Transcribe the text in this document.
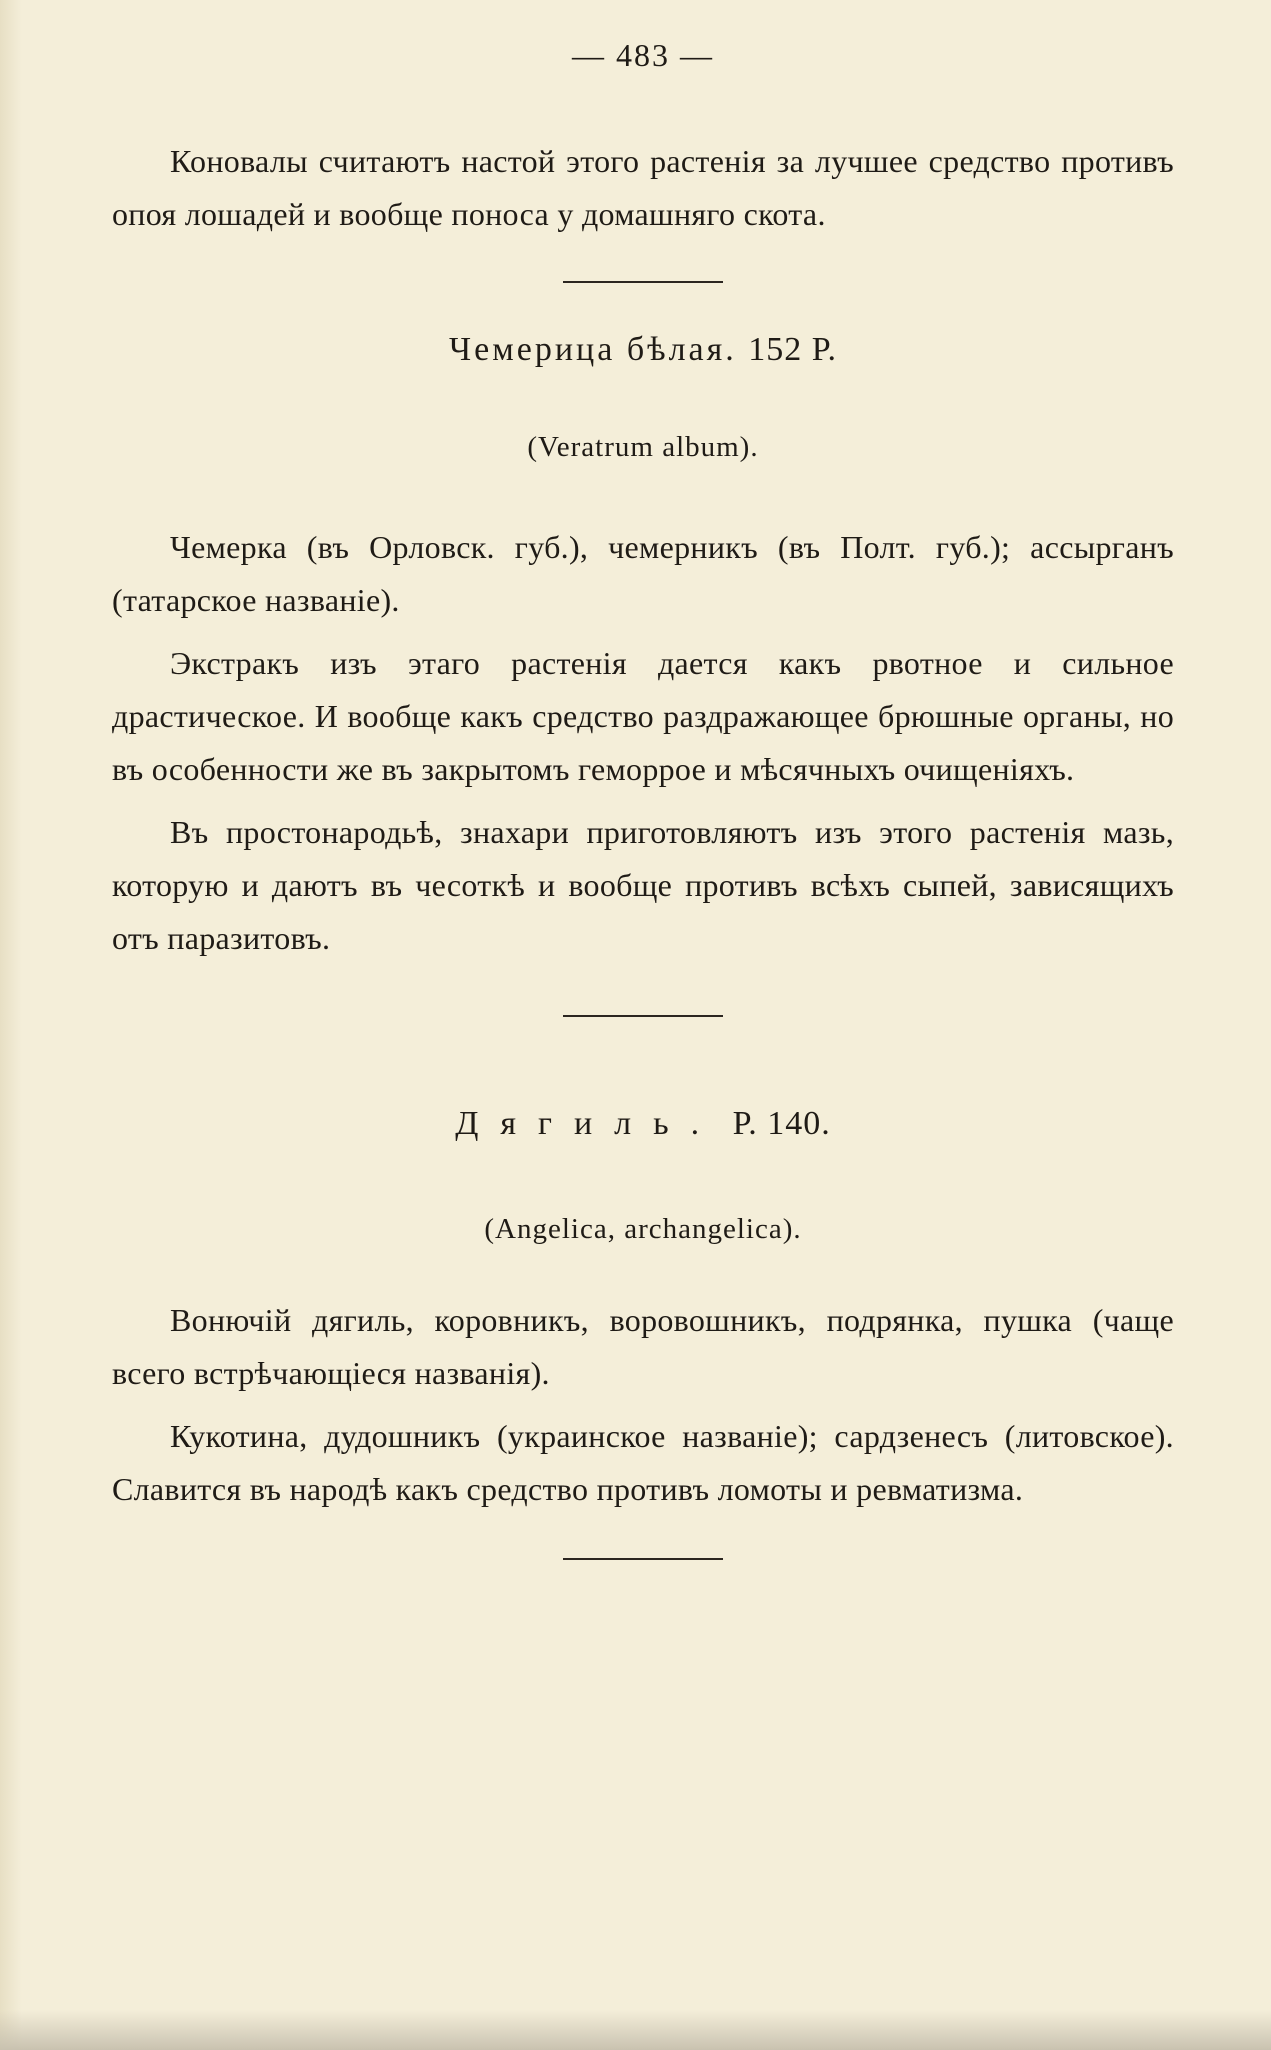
— 483 —

Коновалы считаютъ настой этого растенія за лучшее средство противъ опоя лошадей и вообще поноса у домашняго скота.

Чемерица бѣлая. 152 Р.
(Veratrum album).

Чемерка (въ Орловск. губ.), чемерникъ (въ Полт. губ.); ассырганъ (татарское названіе).

Экстракъ изъ этаго растенія дается какъ рвотное и сильное драстическое. И вообще какъ средство раздражающее брюшные органы, но въ особенности же въ закрытомъ геморрое и мѣсячныхъ очищеніяхъ.

Въ простонародьѣ, знахари приготовляютъ изъ этого растенія мазь, которую и даютъ въ чесоткѣ и вообще противъ всѣхъ сыпей, зависящихъ отъ паразитовъ.

Дягиль. Р. 140.
(Angelica, archangelica).

Вонючій дягиль, коровникъ, воровошникъ, подрянка, пушка (чаще всего встрѣчающіеся названія).

Кукотина, дудошникъ (украинское названіе); сардзенесъ (литовское). Славится въ народѣ какъ средство противъ ломоты и ревматизма.
